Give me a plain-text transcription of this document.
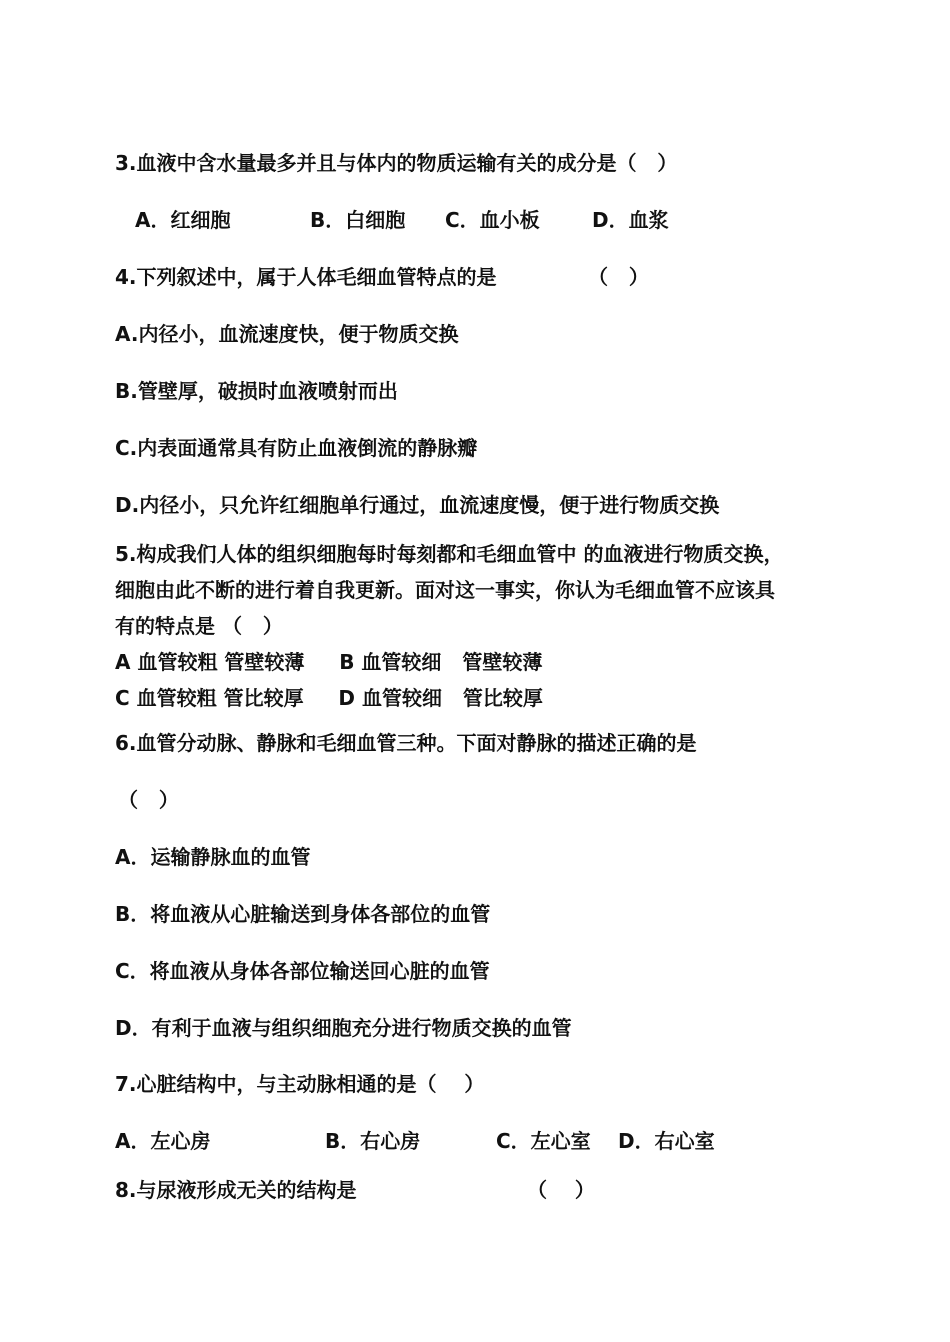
3.血液中含水量最多并且与体内的物质运输有关的成分是（   ）
A．红细胞	B．白细胞 C．血小板	D．血浆
4.下列叙述中，属于人体毛细血管特点的是	（   ）
A.内径小，血流速度快，便于物质交换
B.管壁厚，破损时血液喷射而出
C.内表面通常具有防止血液倒流的静脉瓣
D.内径小，只允许红细胞单行通过，血流速度慢，便于进行物质交换
5.构成我们人体的组织细胞每时每刻都和毛细血管中 的血液进行物质交换，
细胞由此不断的进行着自我更新。面对这一事实，你认为毛细血管不应该具
有的特点是 （   ）
A 血管较粗 管壁较薄     B 血管较细   管壁较薄
C 血管较粗 管比较厚     D 血管较细   管比较厚
6.血管分动脉、静脉和毛细血管三种。下面对静脉的描述正确的是
（   ）
A．运输静脉血的血管
B．将血液从心脏输送到身体各部位的血管
C．将血液从身体各部位输送回心脏的血管
D．有利于血液与组织细胞充分进行物质交换的血管
7.心脏结构中，与主动脉相通的是（    ）
A．左心房	B．右心房	C．左心室 D．右心室
8.与尿液形成无关的结构是	（    ）
